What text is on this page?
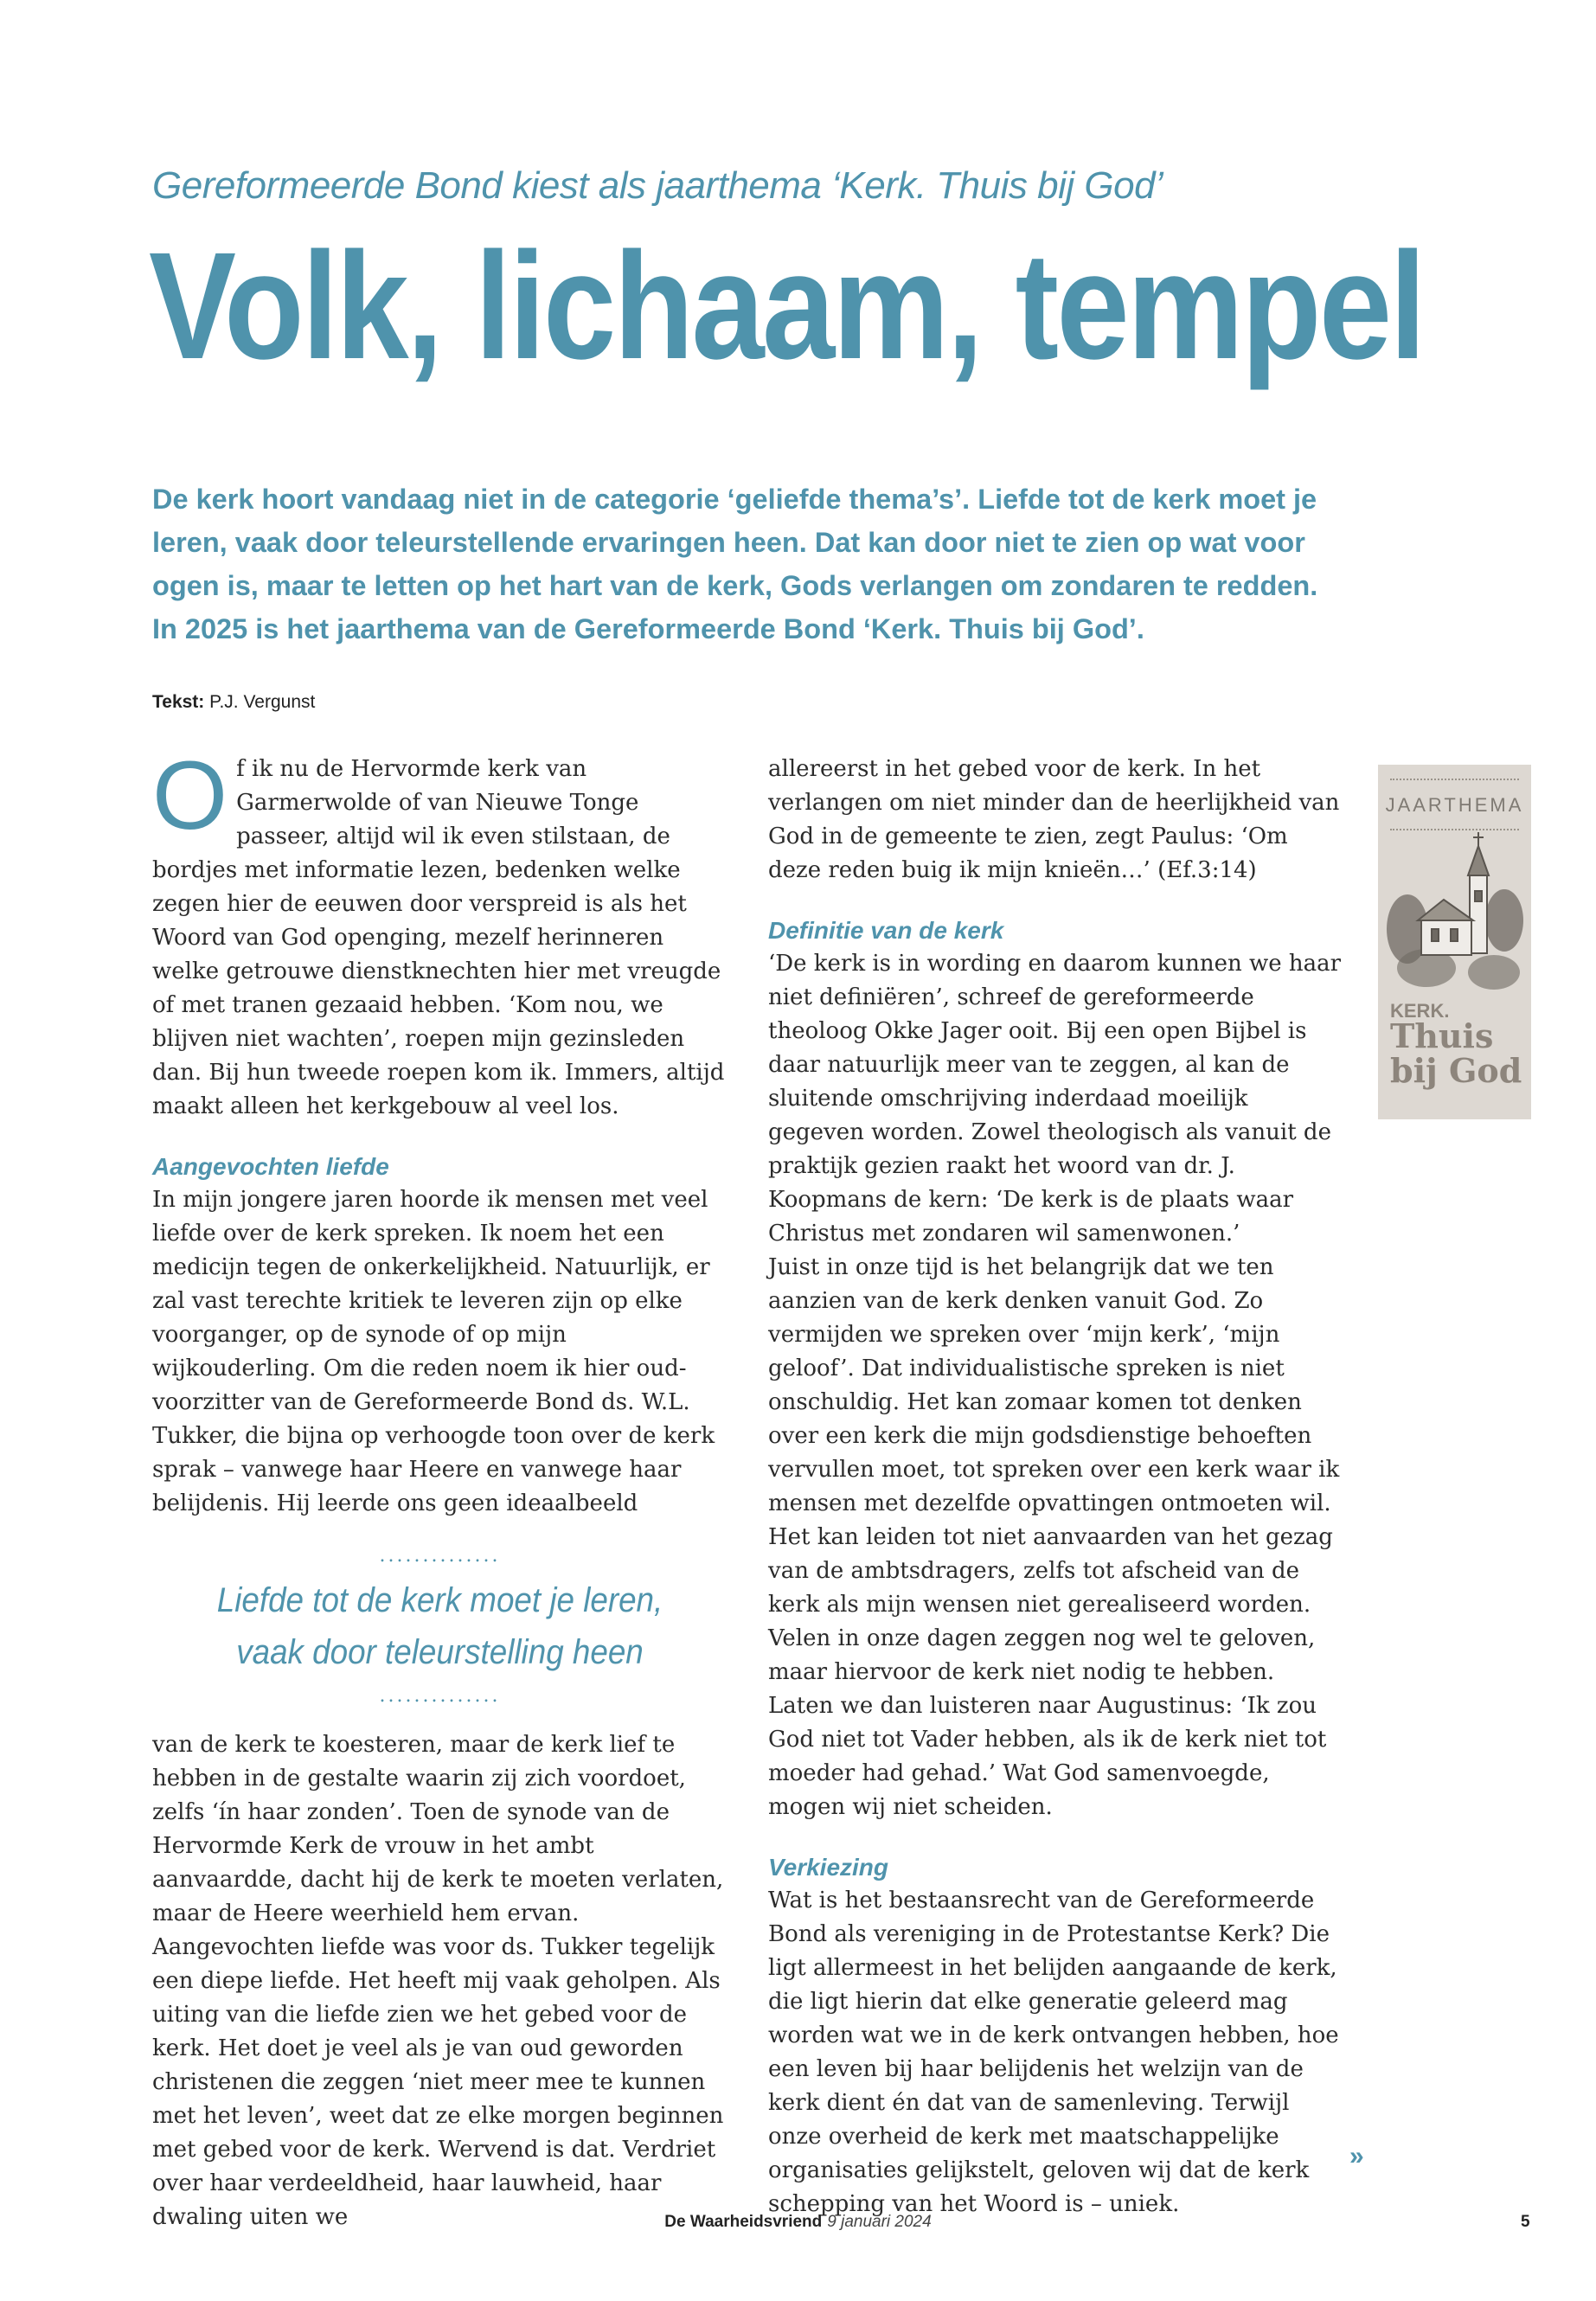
Gereformeerde Bond kiest als jaarthema ‘Kerk. Thuis bij God’
Volk, lichaam, tempel

De kerk hoort vandaag niet in de categorie ‘geliefde thema’s’. Liefde tot de kerk moet je leren, vaak door teleurstellende ervaringen heen. Dat kan door niet te zien op wat voor ogen is, maar te letten op het hart van de kerk, Gods verlangen om zondaren te redden. In 2025 is het jaarthema van de Gereformeerde Bond ‘Kerk. Thuis bij God’.

Tekst: P.J. Vergunst

Of ik nu de Hervormde kerk van Garmerwolde of van Nieuwe Tonge passeer, altijd wil ik even stilstaan, de bordjes met informatie lezen, bedenken welke zegen hier de eeuwen door verspreid is als het Woord van God openging, mezelf herinneren welke getrouwe dienstknechten hier met vreugde of met tranen gezaaid hebben. ‘Kom nou, we blijven niet wachten’, roepen mijn gezinsleden dan. Bij hun tweede roepen kom ik. Immers, altijd maakt alleen het kerkgebouw al veel los.

Aangevochten liefde

In mijn jongere jaren hoorde ik mensen met veel liefde over de kerk spreken. Ik noem het een medicijn tegen de onkerkelijkheid. Natuurlijk, er zal vast terechte kritiek te leveren zijn op elke voorganger, op de synode of op mijn wijkouderling. Om die reden noem ik hier oud-voorzitter van de Gereformeerde Bond ds. W.L. Tukker, die bijna op verhoogde toon over de kerk sprak – vanwege haar Heere en vanwege haar belijdenis. Hij leerde ons geen ideaalbeeld

..............
Liefde tot de kerk moet je leren,
vaak door teleurstelling heen
..............

van de kerk te koesteren, maar de kerk lief te hebben in de gestalte waarin zij zich voordoet, zelfs ‘ín haar zonden’. Toen de synode van de Hervormde Kerk de vrouw in het ambt aanvaardde, dacht hij de kerk te moeten verlaten, maar de Heere weerhield hem ervan. Aangevochten liefde was voor ds. Tukker tegelijk een diepe liefde. Het heeft mij vaak geholpen. Als uiting van die liefde zien we het gebed voor de kerk. Het doet je veel als je van oud geworden christenen die zeggen ‘niet meer mee te kunnen met het leven’, weet dat ze elke morgen beginnen met gebed voor de kerk. Wervend is dat. Verdriet over haar verdeeldheid, haar lauwheid, haar dwaling uiten we

allereerst in het gebed voor de kerk. In het verlangen om niet minder dan de heerlijkheid van God in de gemeente te zien, zegt Paulus: ‘Om deze reden buig ik mijn knieën…’ (Ef.3:14)

Definitie van de kerk

‘De kerk is in wording en daarom kunnen we haar niet definiëren’, schreef de gereformeerde theoloog Okke Jager ooit. Bij een open Bijbel is daar natuurlijk meer van te zeggen, al kan de sluitende omschrijving inderdaad moeilijk gegeven worden. Zowel theologisch als vanuit de praktijk gezien raakt het woord van dr. J. Koopmans de kern: ‘De kerk is de plaats waar Christus met zondaren wil samenwonen.’

Juist in onze tijd is het belangrijk dat we ten aanzien van de kerk denken vanuit God. Zo vermijden we spreken over ‘mijn kerk’, ‘mijn geloof’. Dat individualistische spreken is niet onschuldig. Het kan zomaar komen tot denken over een kerk die mijn godsdienstige behoeften vervullen moet, tot spreken over een kerk waar ik mensen met dezelfde opvattingen ontmoeten wil. Het kan leiden tot niet aanvaarden van het gezag van de ambtsdragers, zelfs tot afscheid van de kerk als mijn wensen niet gerealiseerd worden.

Velen in onze dagen zeggen nog wel te geloven, maar hiervoor de kerk niet nodig te hebben. Laten we dan luisteren naar Augustinus: ‘Ik zou God niet tot Vader hebben, als ik de kerk niet tot moeder had gehad.’ Wat God samenvoegde, mogen wij niet scheiden.

Verkiezing

Wat is het bestaansrecht van de Gereformeerde Bond als vereniging in de Protestantse Kerk? Die ligt allermeest in het belijden aangaande de kerk, die ligt hierin dat elke generatie geleerd mag worden wat we in de kerk ontvangen hebben, hoe een leven bij haar belijdenis het welzijn van de kerk dient én dat van de samenleving. Terwijl onze overheid de kerk met maatschappelijke organisaties gelijkstelt, geloven wij dat de kerk schepping van het Woord is – uniek.

JAARTHEMA
KERK.
Thuis bij God
»
De Waarheidsvriend 9 januari 2024	5
